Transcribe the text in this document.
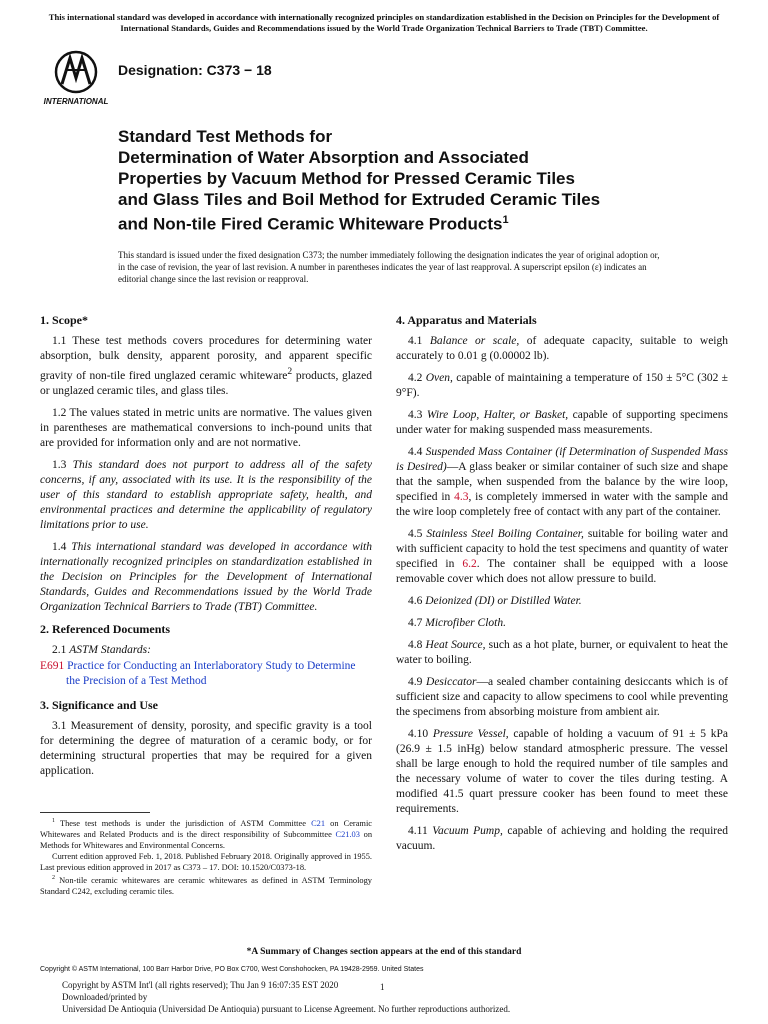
This international standard was developed in accordance with internationally recognized principles on standardization established in the Decision on Principles for the Development of International Standards, Guides and Recommendations issued by the World Trade Organization Technical Barriers to Trade (TBT) Committee.
INTERNATIONAL
Designation: C373 − 18
Standard Test Methods for
Determination of Water Absorption and Associated
Properties by Vacuum Method for Pressed Ceramic Tiles
and Glass Tiles and Boil Method for Extruded Ceramic Tiles
and Non-tile Fired Ceramic Whiteware Products$^1$
This standard is issued under the fixed designation C373; the number immediately following the designation indicates the year of original adoption or, in the case of revision, the year of last revision. A number in parentheses indicates the year of last reapproval. A superscript epsilon (ε) indicates an editorial change since the last revision or reapproval.
1. Scope*

1.1 These test methods covers procedures for determining water absorption, bulk density, apparent porosity, and apparent specific gravity of non-tile fired unglazed ceramic whiteware$^2$ products, glazed or unglazed ceramic tiles, and glass tiles.

1.2 The values stated in metric units are normative. The values given in parentheses are mathematical conversions to inch-pound units that are provided for information only and are not normative.

1.3 This standard does not purport to address all of the safety concerns, if any, associated with its use. It is the responsibility of the user of this standard to establish appropriate safety, health, and environmental practices and determine the applicability of regulatory limitations prior to use.

1.4 This international standard was developed in accordance with internationally recognized principles on standardization established in the Decision on Principles for the Development of International Standards, Guides and Recommendations issued by the World Trade Organization Technical Barriers to Trade (TBT) Committee.

2. Referenced Documents

2.1 ASTM Standards:

E691 Practice for Conducting an Interlaboratory Study to Determine the Precision of a Test Method

3. Significance and Use

3.1 Measurement of density, porosity, and specific gravity is a tool for determining the degree of maturation of a ceramic body, or for determining structural properties that may be required for a given application.

4. Apparatus and Materials

4.1 Balance or scale, of adequate capacity, suitable to weigh accurately to 0.01 g (0.00002 lb).

4.2 Oven, capable of maintaining a temperature of 150 ± 5°C (302 ± 9°F).

4.3 Wire Loop, Halter, or Basket, capable of supporting specimens under water for making suspended mass measurements.

4.4 Suspended Mass Container (if Determination of Suspended Mass is Desired)—A glass beaker or similar container of such size and shape that the sample, when suspended from the balance by the wire loop, specified in 4.3, is completely immersed in water with the sample and the wire loop completely free of contact with any part of the container.

4.5 Stainless Steel Boiling Container, suitable for boiling water and with sufficient capacity to hold the test specimens and quantity of water specified in 6.2. The container shall be equipped with a loose removable cover which does not allow pressure to build.

4.6 Deionized (DI) or Distilled Water.

4.7 Microfiber Cloth.

4.8 Heat Source, such as a hot plate, burner, or equivalent to heat the water to boiling.

4.9 Desiccator—a sealed chamber containing desiccants which is of sufficient size and capacity to allow specimens to cool while preventing the specimens from absorbing moisture from ambient air.

4.10 Pressure Vessel, capable of holding a vacuum of 91 ± 5 kPa (26.9 ± 1.5 inHg) below standard atmospheric pressure. The vessel shall be large enough to hold the required number of tile samples and the necessary volume of water to cover the tiles during testing. A modified 41.5 quart pressure cooker has been found to meet these requirements.

4.11 Vacuum Pump, capable of achieving and holding the required vacuum.

$^1$ These test methods is under the jurisdiction of ASTM Committee C21 on Ceramic Whitewares and Related Products and is the direct responsibility of Subcommittee C21.03 on Methods for Whitewares and Environmental Concerns.

Current edition approved Feb. 1, 2018. Published February 2018. Originally approved in 1955. Last previous edition approved in 2017 as C373 – 17. DOI: 10.1520/C0373-18.

$^2$ Non-tile ceramic whitewares are ceramic whitewares as defined in ASTM Terminology Standard C242, excluding ceramic tiles.

*A Summary of Changes section appears at the end of this standard
Copyright © ASTM International, 100 Barr Harbor Drive, PO Box C700, West Conshohocken, PA 19428-2959. United States
Copyright by ASTM Int'l (all rights reserved); Thu Jan 9 16:07:35 EST 2020
Downloaded/printed by
Universidad De Antioquia (Universidad De Antioquia) pursuant to License Agreement. No further reproductions authorized.
1
